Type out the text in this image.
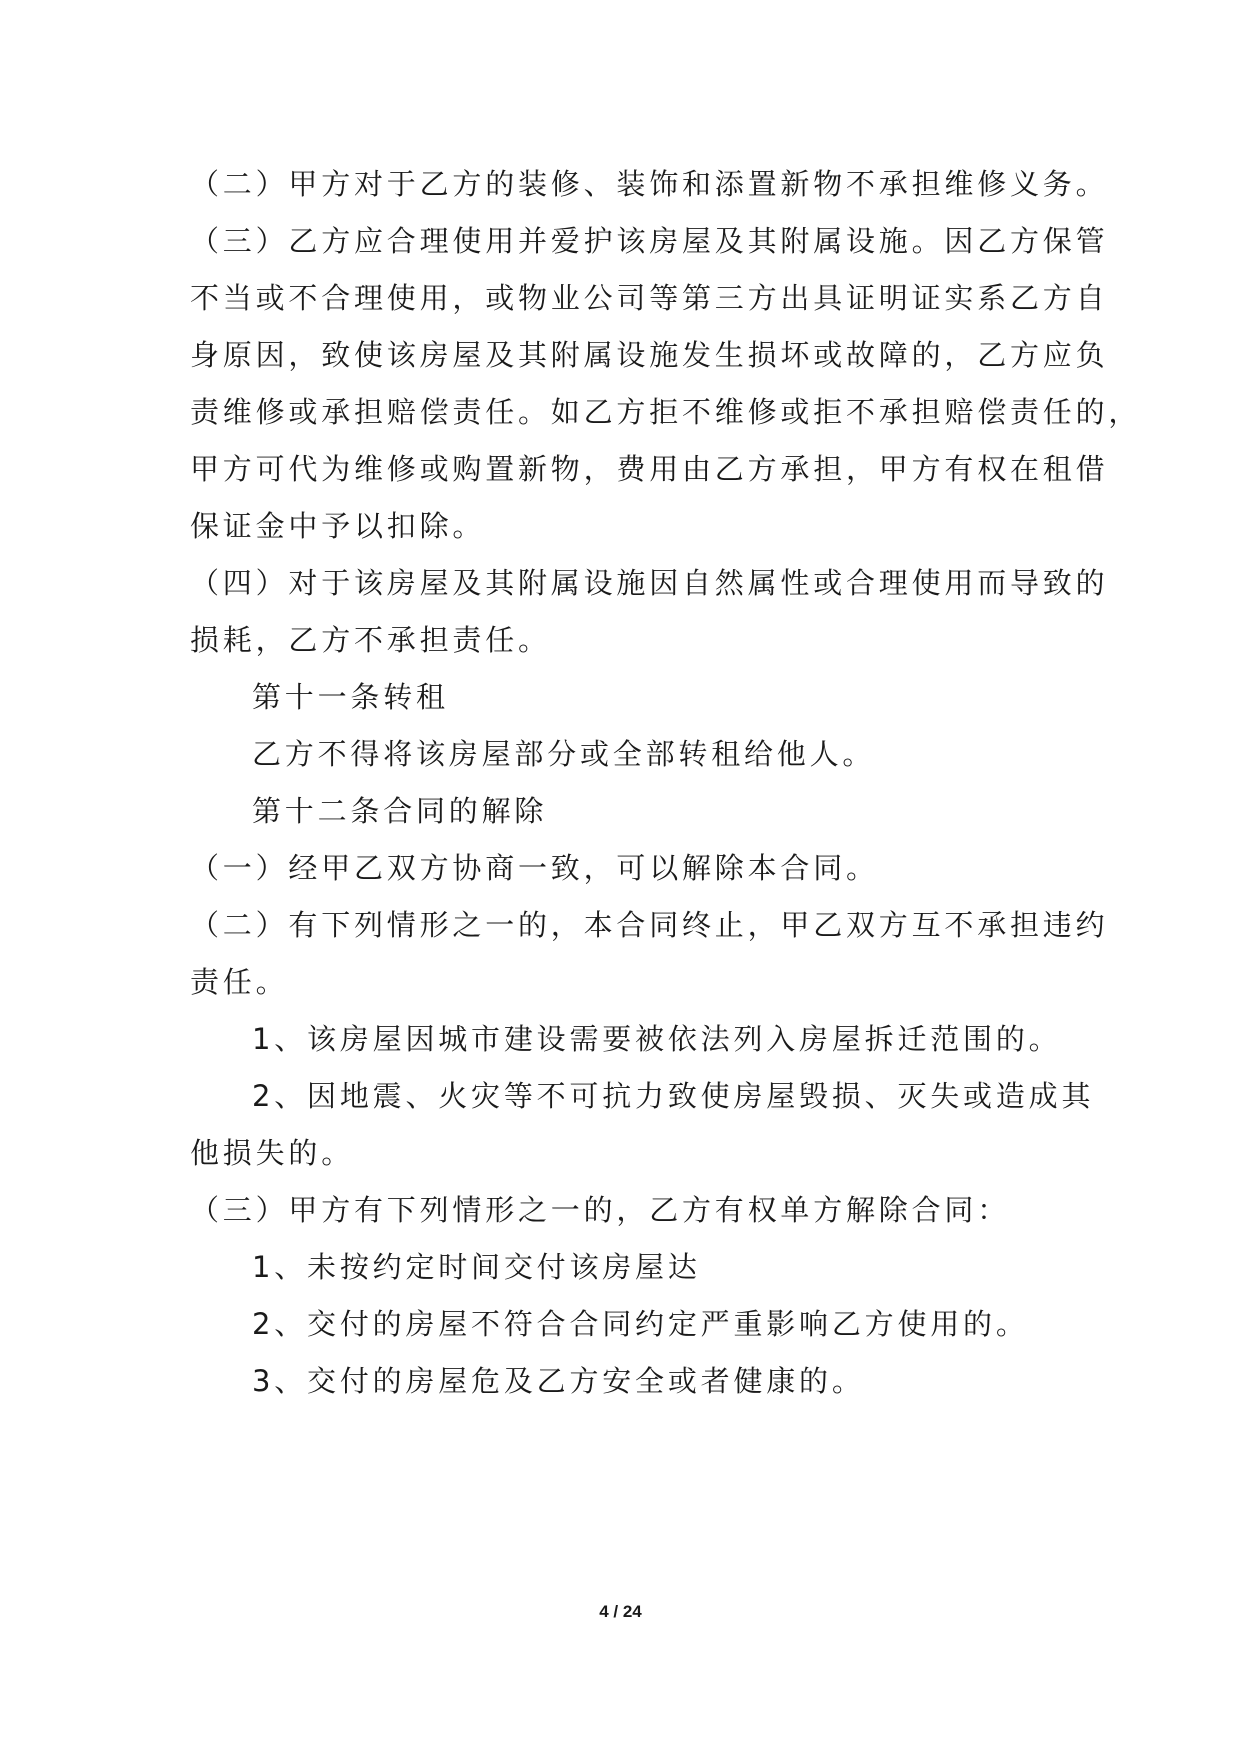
（二）甲方对于乙方的装修、装饰和添置新物不承担维修义务。

（三）乙方应合理使用并爱护该房屋及其附属设施。因乙方保管

不当或不合理使用，或物业公司等第三方出具证明证实系乙方自

身原因，致使该房屋及其附属设施发生损坏或故障的，乙方应负

责维修或承担赔偿责任。如乙方拒不维修或拒不承担赔偿责任的，

甲方可代为维修或购置新物，费用由乙方承担，甲方有权在租借

保证金中予以扣除。

（四）对于该房屋及其附属设施因自然属性或合理使用而导致的

损耗，乙方不承担责任。

第十一条转租

乙方不得将该房屋部分或全部转租给他人。

第十二条合同的解除

（一）经甲乙双方协商一致，可以解除本合同。

（二）有下列情形之一的，本合同终止，甲乙双方互不承担违约

责任。

1、该房屋因城市建设需要被依法列入房屋拆迁范围的。

2、因地震、火灾等不可抗力致使房屋毁损、灭失或造成其

他损失的。

（三）甲方有下列情形之一的，乙方有权单方解除合同：

1、未按约定时间交付该房屋达

2、交付的房屋不符合合同约定严重影响乙方使用的。

3、交付的房屋危及乙方安全或者健康的。

4 / 24
